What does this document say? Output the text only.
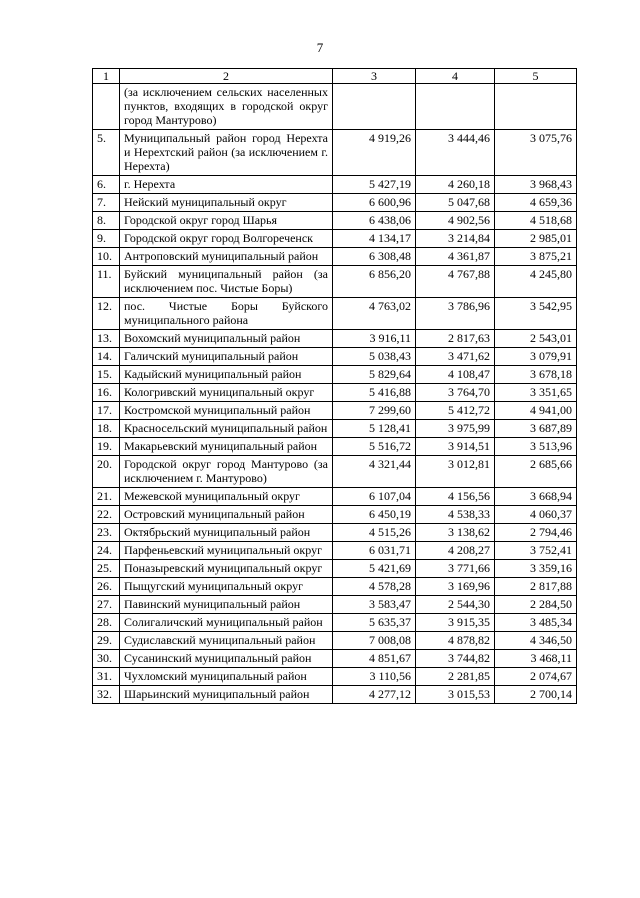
7
1	2	3	4	5
	(за исключением сельских населенных пунктов, входящих в городской округ город Мантурово)			
5.	Муниципальный район город Нерехта и Нерехтский район (за исключением г. Нерехта)	4 919,26	3 444,46	3 075,76
6.	г. Нерехта	5 427,19	4 260,18	3 968,43
7.	Нейский муниципальный округ	6 600,96	5 047,68	4 659,36
8.	Городской округ город Шарья	6 438,06	4 902,56	4 518,68
9.	Городской округ город Волгореченск	4 134,17	3 214,84	2 985,01
10.	Антроповский муниципальный район	6 308,48	4 361,87	3 875,21
11.	Буйский муниципальный район (за исключением пос. Чистые Боры)	6 856,20	4 767,88	4 245,80
12.	пос. Чистые Боры Буйского муниципального района	4 763,02	3 786,96	3 542,95
13.	Вохомский муниципальный район	3 916,11	2 817,63	2 543,01
14.	Галичский муниципальный район	5 038,43	3 471,62	3 079,91
15.	Кадыйский муниципальный район	5 829,64	4 108,47	3 678,18
16.	Кологривский муниципальный округ	5 416,88	3 764,70	3 351,65
17.	Костромской муниципальный район	7 299,60	5 412,72	4 941,00
18.	Красносельский муниципальный район	5 128,41	3 975,99	3 687,89
19.	Макарьевский муниципальный район	5 516,72	3 914,51	3 513,96
20.	Городской округ город Мантурово (за исключением г. Мантурово)	4 321,44	3 012,81	2 685,66
21.	Межевской муниципальный округ	6 107,04	4 156,56	3 668,94
22.	Островский муниципальный район	6 450,19	4 538,33	4 060,37
23.	Октябрьский муниципальный район	4 515,26	3 138,62	2 794,46
24.	Парфеньевский муниципальный округ	6 031,71	4 208,27	3 752,41
25.	Поназыревский муниципальный округ	5 421,69	3 771,66	3 359,16
26.	Пыщугский муниципальный округ	4 578,28	3 169,96	2 817,88
27.	Павинский муниципальный район	3 583,47	2 544,30	2 284,50
28.	Солигаличский муниципальный район	5 635,37	3 915,35	3 485,34
29.	Судиславский муниципальный район	7 008,08	4 878,82	4 346,50
30.	Сусанинский муниципальный район	4 851,67	3 744,82	3 468,11
31.	Чухломский муниципальный район	3 110,56	2 281,85	2 074,67
32.	Шарьинский муниципальный район	4 277,12	3 015,53	2 700,14
